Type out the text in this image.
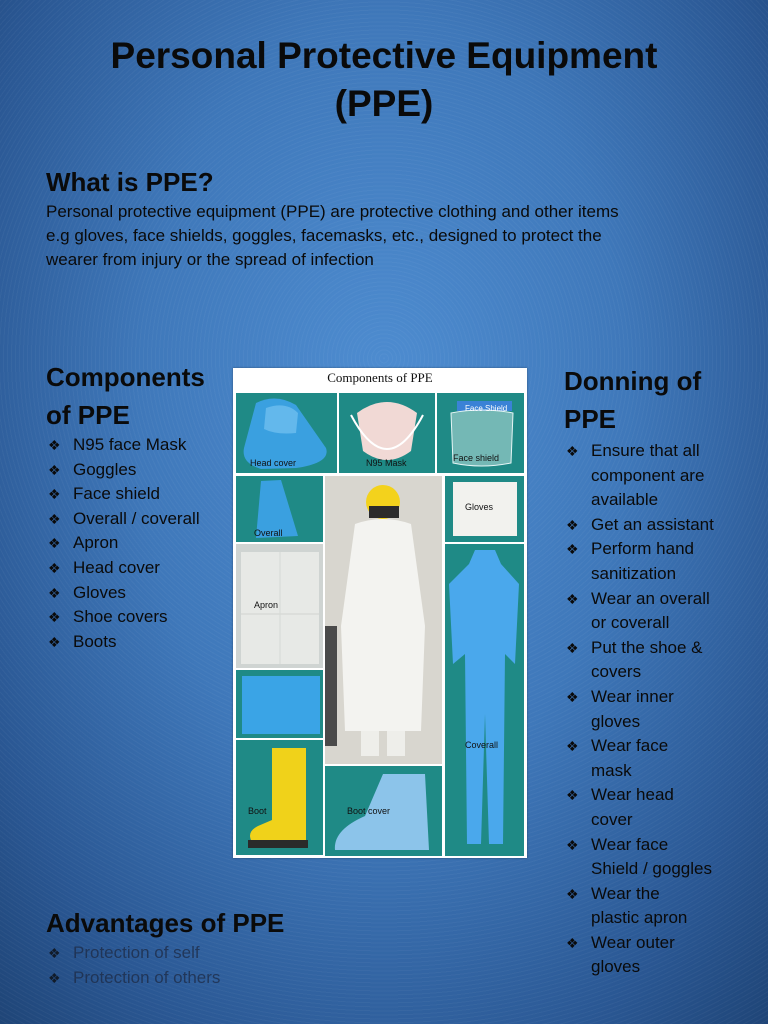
Personal Protective Equipment
(PPE)
What is PPE?
Personal protective equipment (PPE) are protective clothing and other items
e.g gloves, face shields, goggles, facemasks, etc., designed to protect the
wearer from injury or the spread of infection
Components
of PPE
❖ N95 face Mask
❖ Goggles
❖ Face shield
❖ Overall / coverall
❖ Apron
❖ Head cover
❖ Gloves
❖ Shoe covers
❖ Boots
Components of PPE
Head cover	N95 Mask
Face Shield
Face shield
Overall
Apron
Boot
Gloves
Coverall
Boot cover
Donning of
PPE
❖ Ensure that all
component are
available
❖ Get an assistant
❖ Perform hand
sanitization
❖ Wear an overall
or coverall
❖ Put the shoe &
covers
❖ Wear inner
gloves
❖ Wear face
mask
❖ Wear head
cover
❖ Wear face
Shield / goggles
❖ Wear the
plastic apron
❖ Wear outer
gloves
Advantages of PPE
❖ Protection of self
❖ Protection of others
